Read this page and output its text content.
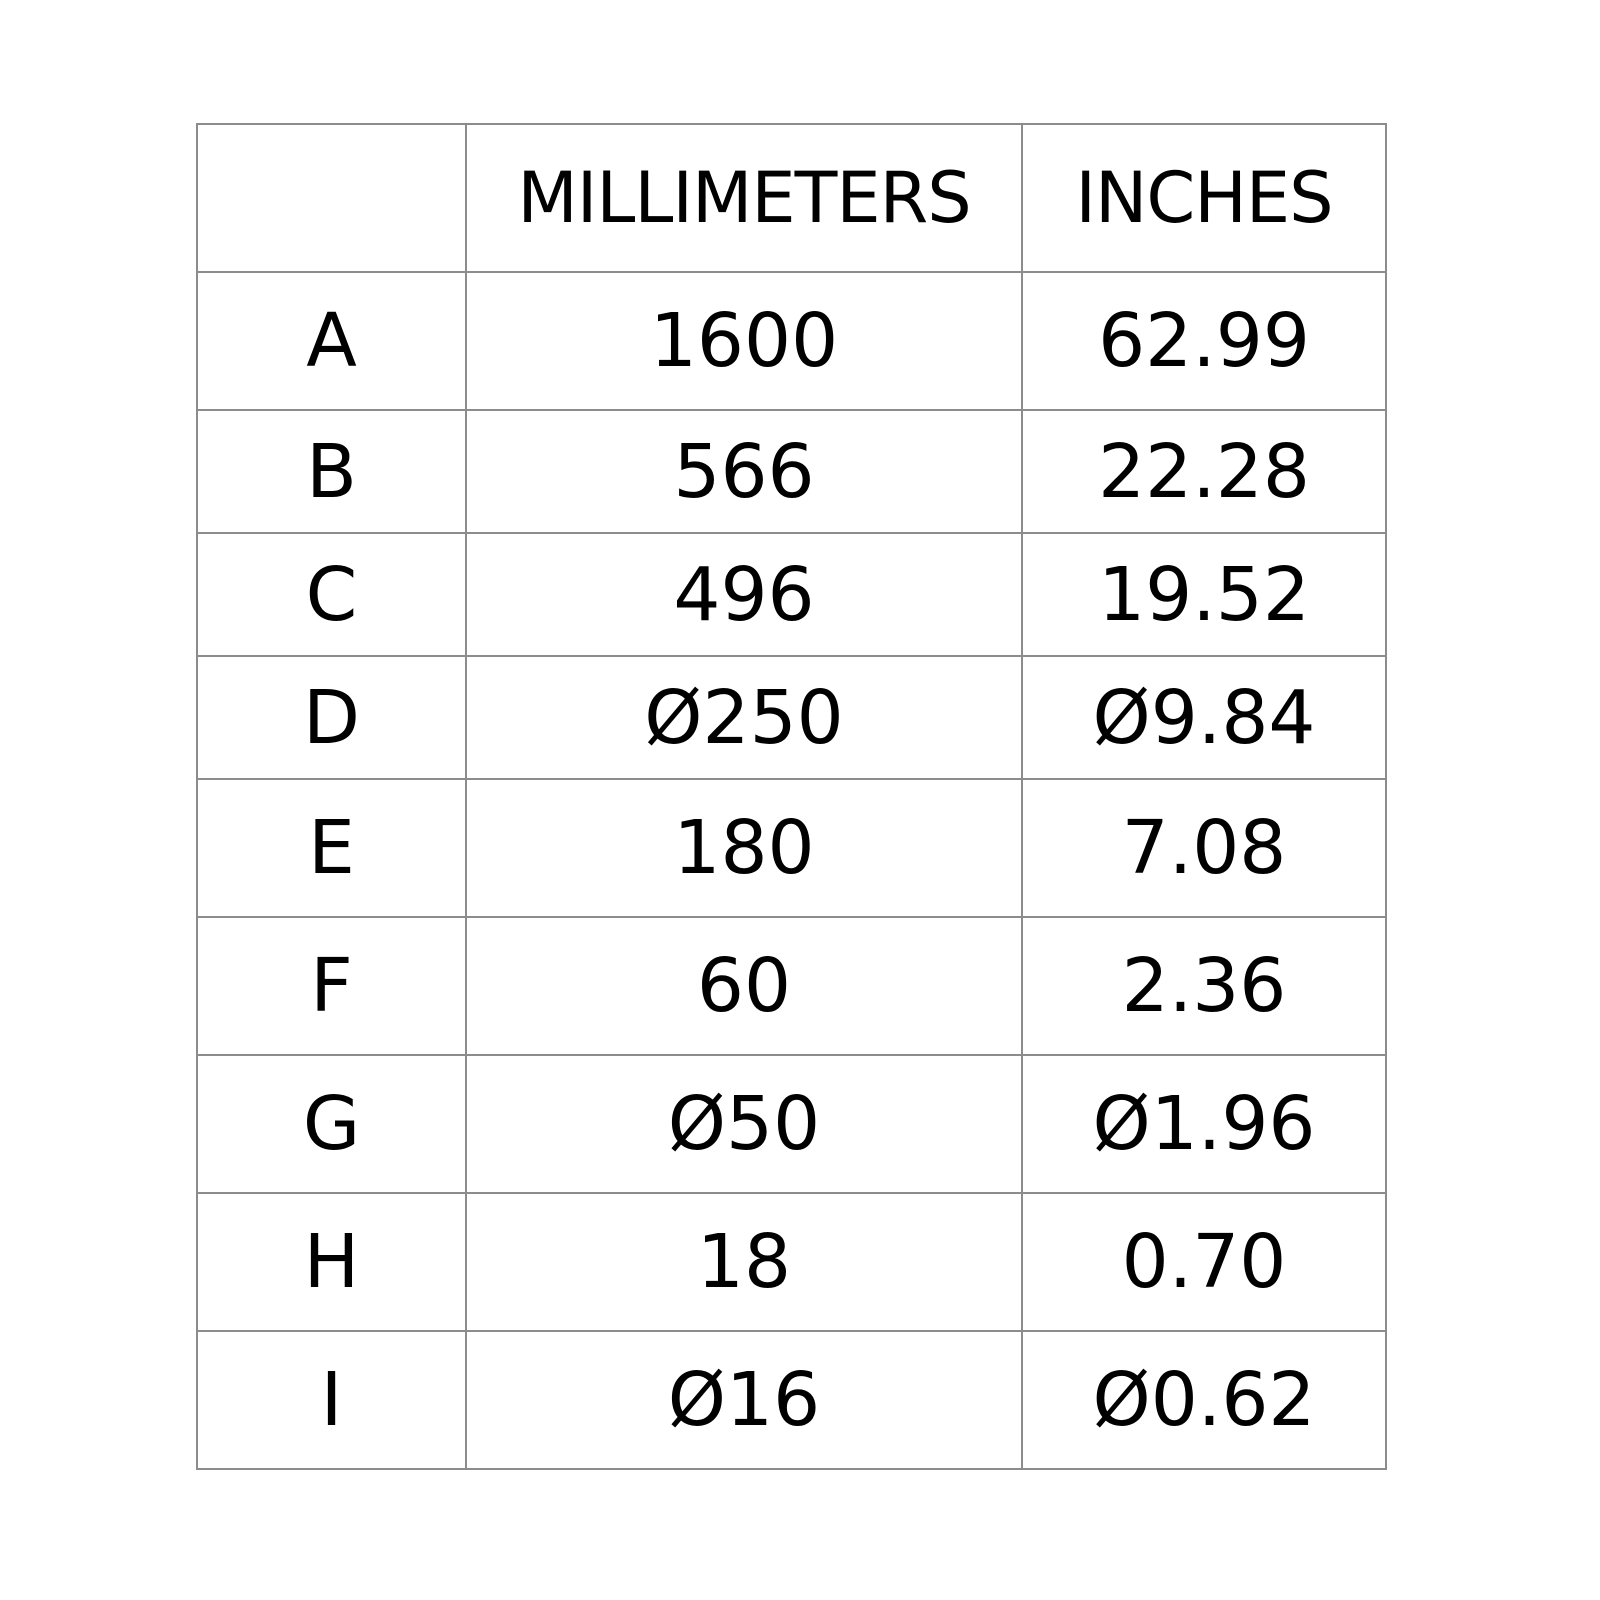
	MILLIMETERS	INCHES
A	1600	62.99
B	566	22.28
C	496	19.52
D	Ø250	Ø9.84
E	180	7.08
F	60	2.36
G	Ø50	Ø1.96
H	18	0.70
I	Ø16	Ø0.62
